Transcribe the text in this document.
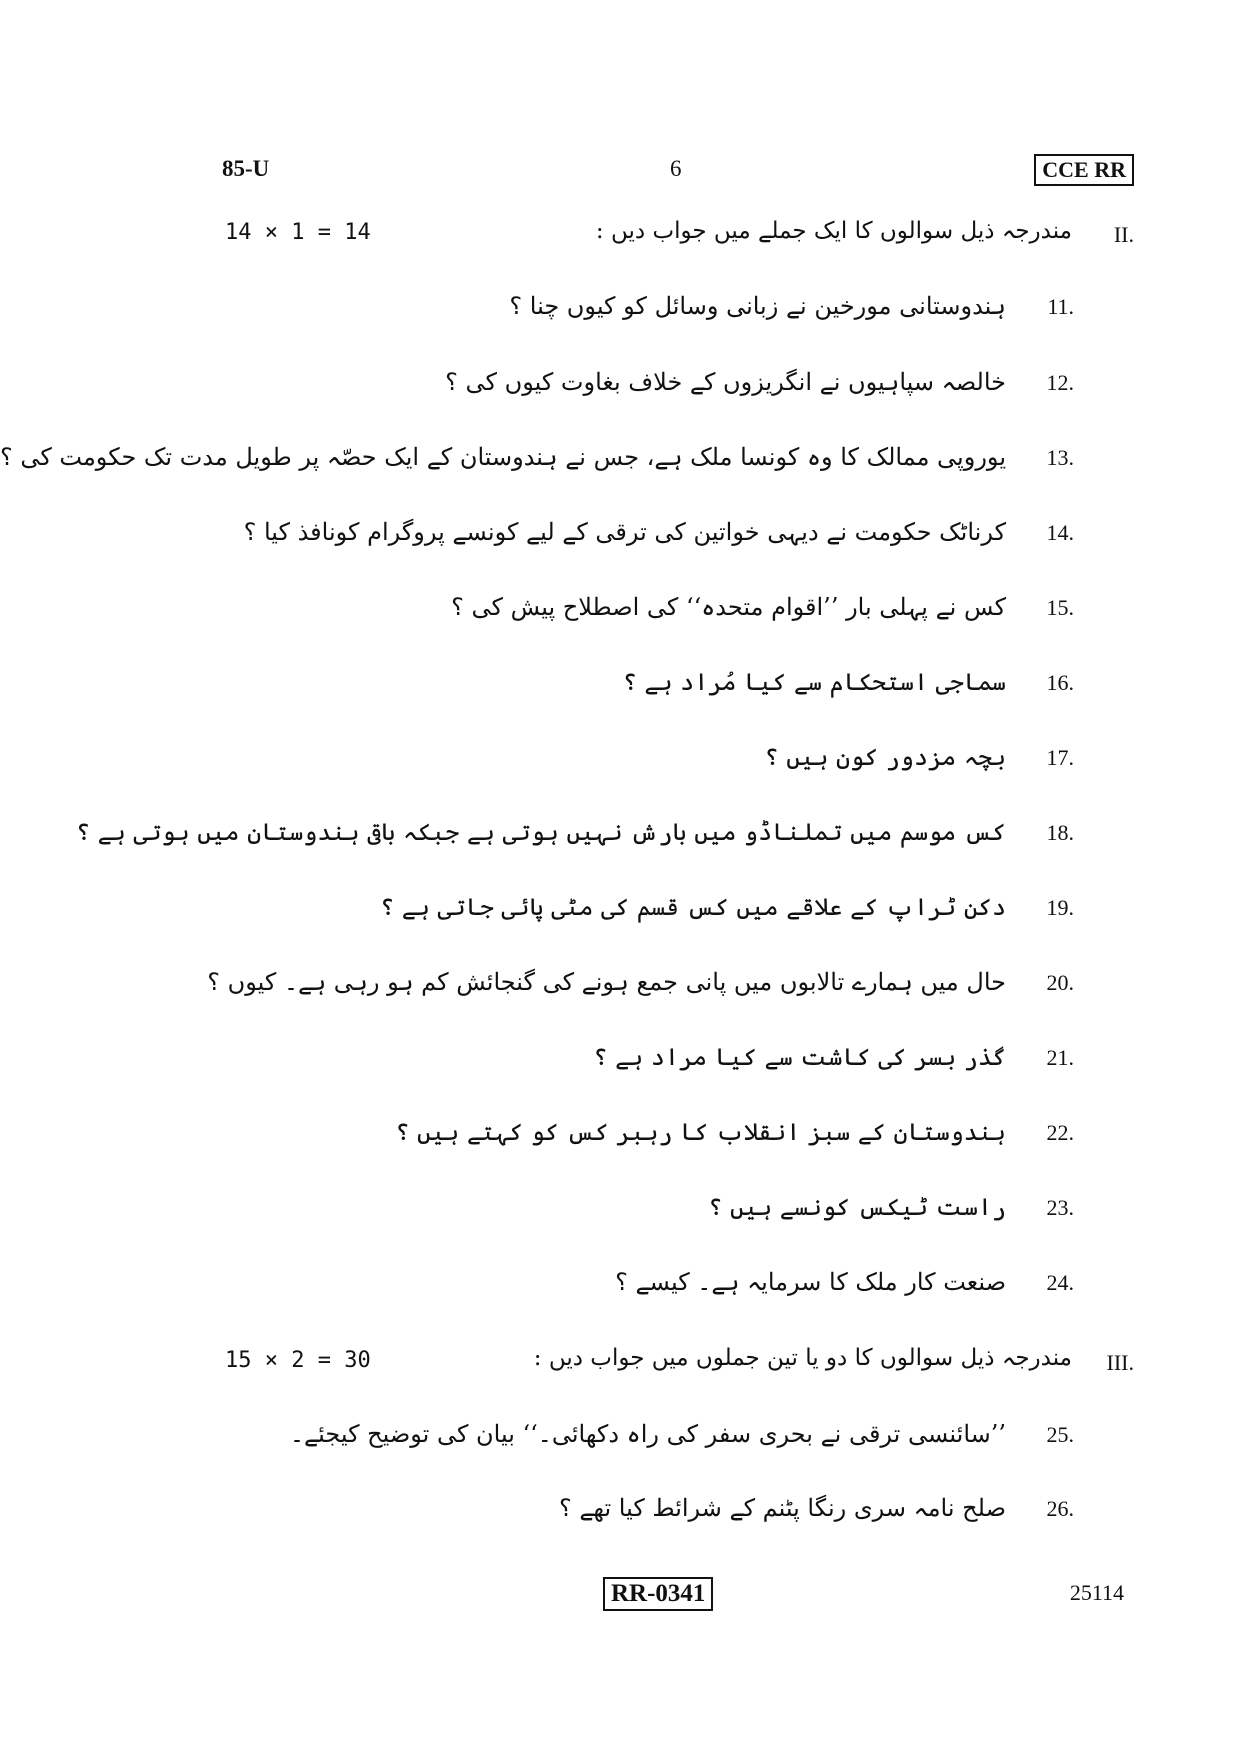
85-U	6	CCE RR
14 × 1 = 14	مندرجہ ذیل سوالوں کا ایک جملے میں جواب دیں : II.
11.ہندوستانی مورخین نے زبانی وسائل کو کیوں چنا ؟
12.خالصہ سپاہیوں نے انگریزوں کے خلاف بغاوت کیوں کی ؟
13.یوروپی ممالک کا وہ کونسا ملک ہے، جس نے ہندوستان کے ایک حصّہ پر طویل مدت تک حکومت کی ؟
14.کرناٹک حکومت نے دیہی خواتین کی ترقی کے لیے کونسے پروگرام کونافذ کیا ؟
15.کس نے پہلی بار ’’اقوام متحدہ‘‘ کی اصطلاح پیش کی ؟
16.سماجی استحکام سے کیا مُراد ہے ؟
17.بچہ مزدور کون ہیں ؟
18.کس موسم میں تملناڈو میں بارش نہیں ہوتی ہے جبکہ باقی ہندوستان میں ہوتی ہے ؟
19.دکن ٹراپ کے علاقے میں کس قسم کی مٹی پائی جاتی ہے ؟
20.حال میں ہمارے تالابوں میں پانی جمع ہونے کی گنجائش کم ہو رہی ہے۔ کیوں ؟
21.گذر بسر کی کاشت سے کیا مراد ہے ؟
22.ہندوستان کے سبز انقلاب کا رہبر کس کو کہتے ہیں ؟
23.راست ٹیکس کونسے ہیں ؟
24.صنعت کار ملک کا سرمایہ ہے۔ کیسے ؟
15 × 2 = 30	مندرجہ ذیل سوالوں کا دو یا تین جملوں میں جواب دیں : III.
25.’’سائنسی ترقی نے بحری سفر کی راہ دکھائی۔‘‘ بیان کی توضیح کیجئے۔
26.صلح نامہ سری رنگا پٹنم کے شرائط کیا تھے ؟
RR-0341	25114
